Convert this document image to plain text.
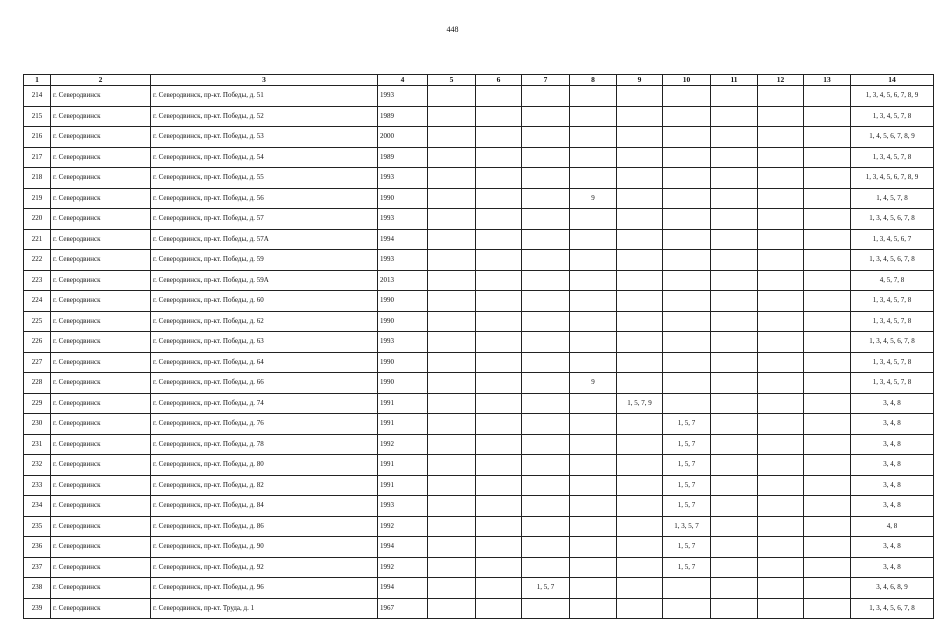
448
1	2	3	4	5	6	7	8	9	10	11	12	13	14
214	г. Северодвинск	г. Северодвинск, пр-кт. Победы, д. 51	1993										1, 3, 4, 5, 6, 7, 8, 9
215	г. Северодвинск	г. Северодвинск, пр-кт. Победы, д. 52	1989										1, 3, 4, 5, 7, 8
216	г. Северодвинск	г. Северодвинск, пр-кт. Победы, д. 53	2000										1, 4, 5, 6, 7, 8, 9
217	г. Северодвинск	г. Северодвинск, пр-кт. Победы, д. 54	1989										1, 3, 4, 5, 7, 8
218	г. Северодвинск	г. Северодвинск, пр-кт. Победы, д. 55	1993										1, 3, 4, 5, 6, 7, 8, 9
219	г. Северодвинск	г. Северодвинск, пр-кт. Победы, д. 56	1990				9						1, 4, 5, 7, 8
220	г. Северодвинск	г. Северодвинск, пр-кт. Победы, д. 57	1993										1, 3, 4, 5, 6, 7, 8
221	г. Северодвинск	г. Северодвинск, пр-кт. Победы, д. 57А	1994										1, 3, 4, 5, 6, 7
222	г. Северодвинск	г. Северодвинск, пр-кт. Победы, д. 59	1993										1, 3, 4, 5, 6, 7, 8
223	г. Северодвинск	г. Северодвинск, пр-кт. Победы, д. 59А	2013										4, 5, 7, 8
224	г. Северодвинск	г. Северодвинск, пр-кт. Победы, д. 60	1990										1, 3, 4, 5, 7, 8
225	г. Северодвинск	г. Северодвинск, пр-кт. Победы, д. 62	1990										1, 3, 4, 5, 7, 8
226	г. Северодвинск	г. Северодвинск, пр-кт. Победы, д. 63	1993										1, 3, 4, 5, 6, 7, 8
227	г. Северодвинск	г. Северодвинск, пр-кт. Победы, д. 64	1990										1, 3, 4, 5, 7, 8
228	г. Северодвинск	г. Северодвинск, пр-кт. Победы, д. 66	1990				9						1, 3, 4, 5, 7, 8
229	г. Северодвинск	г. Северодвинск, пр-кт. Победы, д. 74	1991					1, 5, 7, 9					3, 4, 8
230	г. Северодвинск	г. Северодвинск, пр-кт. Победы, д. 76	1991						1, 5, 7				3, 4, 8
231	г. Северодвинск	г. Северодвинск, пр-кт. Победы, д. 78	1992						1, 5, 7				3, 4, 8
232	г. Северодвинск	г. Северодвинск, пр-кт. Победы, д. 80	1991						1, 5, 7				3, 4, 8
233	г. Северодвинск	г. Северодвинск, пр-кт. Победы, д. 82	1991						1, 5, 7				3, 4, 8
234	г. Северодвинск	г. Северодвинск, пр-кт. Победы, д. 84	1993						1, 5, 7				3, 4, 8
235	г. Северодвинск	г. Северодвинск, пр-кт. Победы, д. 86	1992						1, 3, 5, 7				4, 8
236	г. Северодвинск	г. Северодвинск, пр-кт. Победы, д. 90	1994						1, 5, 7				3, 4, 8
237	г. Северодвинск	г. Северодвинск, пр-кт. Победы, д. 92	1992						1, 5, 7				3, 4, 8
238	г. Северодвинск	г. Северодвинск, пр-кт. Победы, д. 96	1994			1, 5, 7							3, 4, 6, 8, 9
239	г. Северодвинск	г. Северодвинск, пр-кт. Труда, д. 1	1967										1, 3, 4, 5, 6, 7, 8
